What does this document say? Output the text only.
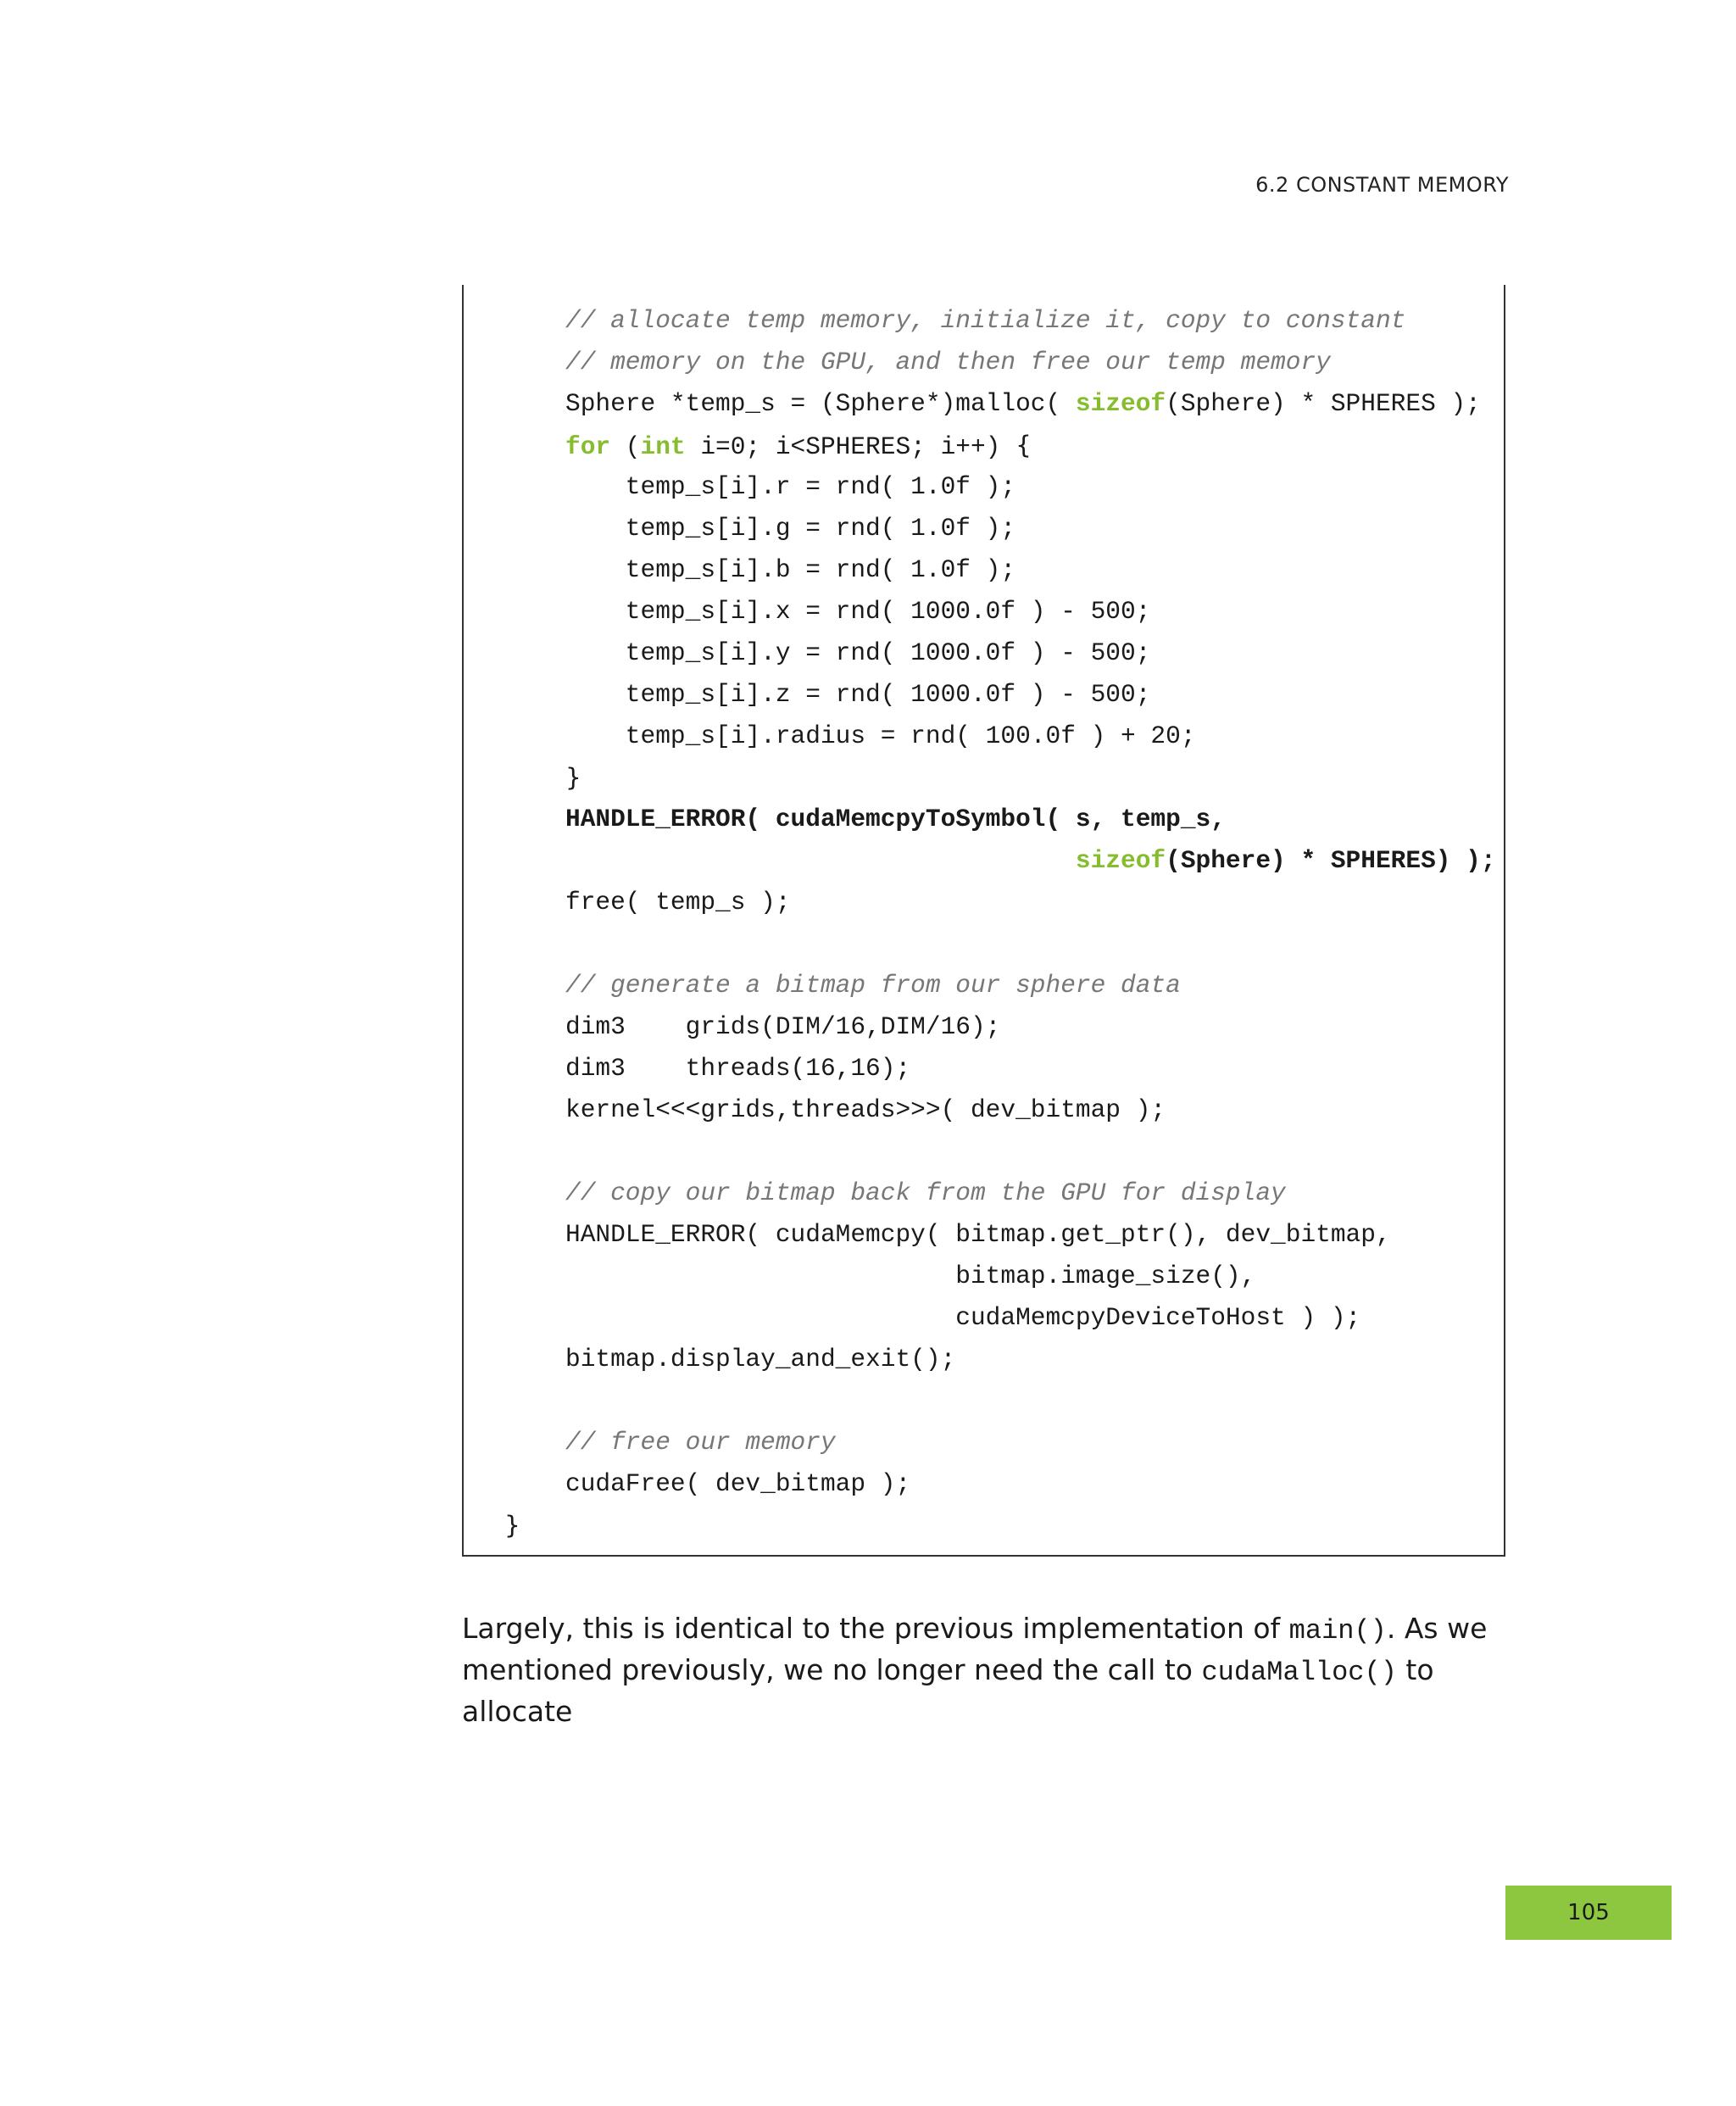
6.2 CONSTANT MEMORY
// allocate temp memory, initialize it, copy to constant
// memory on the GPU, and then free our temp memory
Sphere *temp_s = (Sphere*)malloc( sizeof(Sphere) * SPHERES );
for (int i=0; i<SPHERES; i++) {
temp_s[i].r = rnd( 1.0f );
temp_s[i].g = rnd( 1.0f );
temp_s[i].b = rnd( 1.0f );
temp_s[i].x = rnd( 1000.0f ) - 500;
temp_s[i].y = rnd( 1000.0f ) - 500;
temp_s[i].z = rnd( 1000.0f ) - 500;
temp_s[i].radius = rnd( 100.0f ) + 20;
}
HANDLE_ERROR( cudaMemcpyToSymbol( s, temp_s,
sizeof(Sphere) * SPHERES) );
free( temp_s );
// generate a bitmap from our sphere data
dim3    grids(DIM/16,DIM/16);
dim3    threads(16,16);
kernel<<<grids,threads>>>( dev_bitmap );
// copy our bitmap back from the GPU for display
HANDLE_ERROR( cudaMemcpy( bitmap.get_ptr(), dev_bitmap,
bitmap.image_size(),
cudaMemcpyDeviceToHost ) );
bitmap.display_and_exit();
// free our memory
cudaFree( dev_bitmap );
}

Largely, this is identical to the previous implementation of main(). As we

mentioned previously, we no longer need the call to cudaMalloc() to allocate

105
